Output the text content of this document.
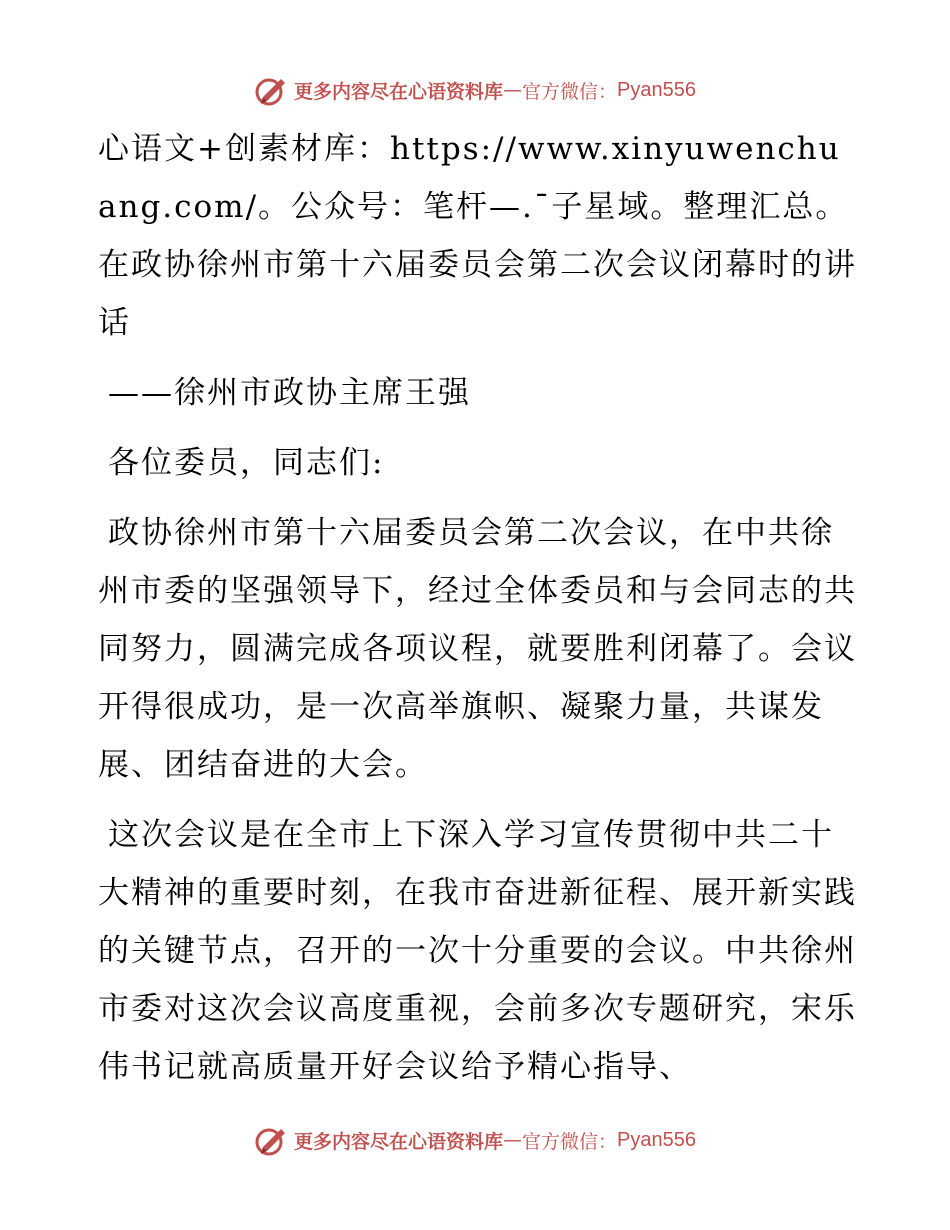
更多内容尽在心语资料库 — 官方微信： Pyan556

心语文+创素材库：https://www.xinyuwenchuang.com/。公众号：笔杆—.¯子星域。整理汇总。在政协徐州市第十六届委员会第二次会议闭幕时的讲话

——徐州市政协主席王强

各位委员，同志们:

政协徐州市第十六届委员会第二次会议，在中共徐州市委的坚强领导下，经过全体委员和与会同志的共同努力，圆满完成各项议程，就要胜利闭幕了。会议开得很成功，是一次高举旗帜、凝聚力量，共谋发展、团结奋进的大会。

这次会议是在全市上下深入学习宣传贯彻中共二十大精神的重要时刻，在我市奋进新征程、展开新实践的关键节点，召开的一次十分重要的会议。中共徐州市委对这次会议高度重视，会前多次专题研究，宋乐伟书记就高质量开好会议给予精心指导、

更多内容尽在心语资料库 — 官方微信： Pyan556
